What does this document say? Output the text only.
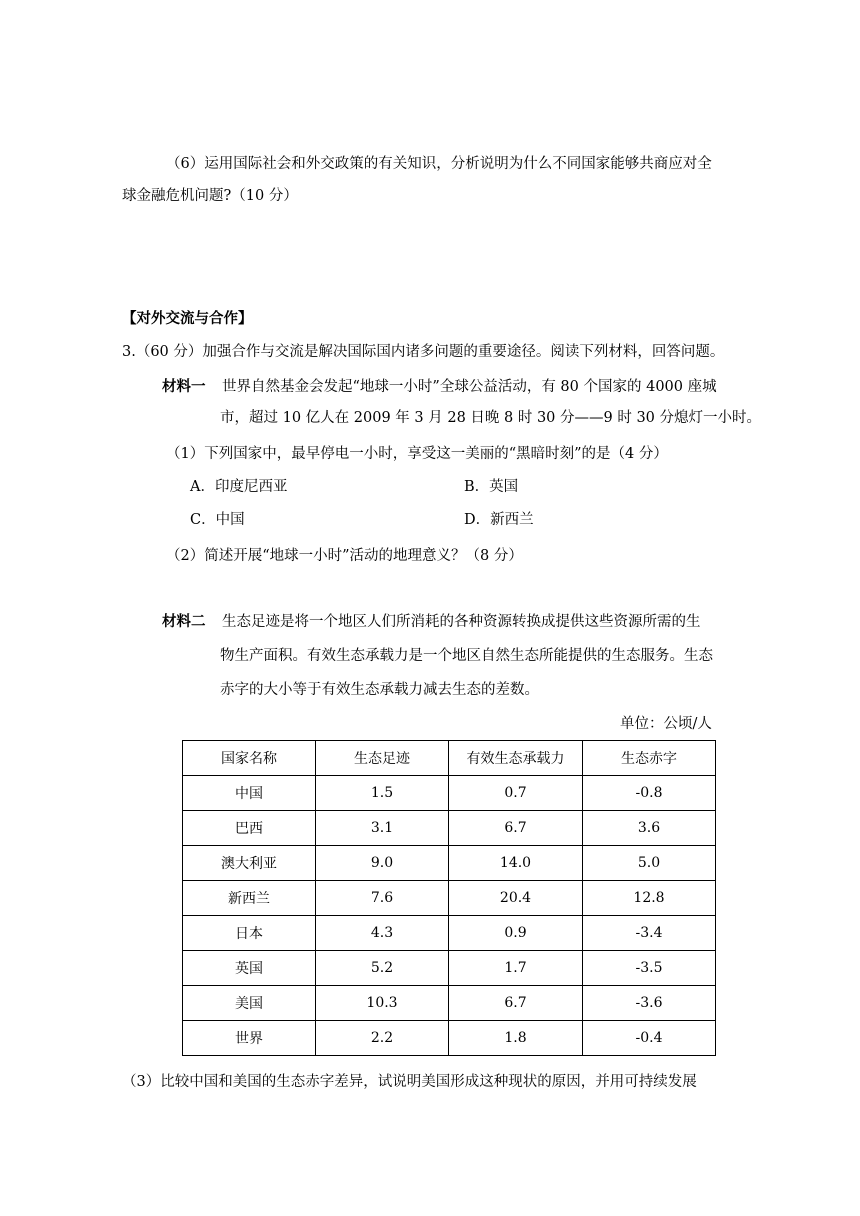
（6）运用国际社会和外交政策的有关知识，分析说明为什么不同国家能够共商应对全
球金融危机问题?（10 分）
【对外交流与合作】
3.（60 分）加强合作与交流是解决国际国内诸多问题的重要途径。阅读下列材料，回答问题。
材料一 世界自然基金会发起“地球一小时”全球公益活动，有 80 个国家的 4000 座城
市，超过 10 亿人在 2009 年 3 月 28 日晚 8 时 30 分——9 时 30 分熄灯一小时。
（1）下列国家中，最早停电一小时，享受这一美丽的“黑暗时刻”的是（4 分）
A．印度尼西亚	B．英国
C．中国	D．新西兰
（2）简述开展“地球一小时”活动的地理意义？（8 分）
材料二 生态足迹是将一个地区人们所消耗的各种资源转换成提供这些资源所需的生
物生产面积。有效生态承载力是一个地区自然生态所能提供的生态服务。生态
赤字的大小等于有效生态承载力减去生态的差数。
单位：公顷/人
国家名称	生态足迹	有效生态承载力	生态赤字
中国	1.5	0.7	-0.8
巴西	3.1	6.7	3.6
澳大利亚	9.0	14.0	5.0
新西兰	7.6	20.4	12.8
日本	4.3	0.9	-3.4
英国	5.2	1.7	-3.5
美国	10.3	6.7	-3.6
世界	2.2	1.8	-0.4
（3）比较中国和美国的生态赤字差异，试说明美国形成这种现状的原因，并用可持续发展
